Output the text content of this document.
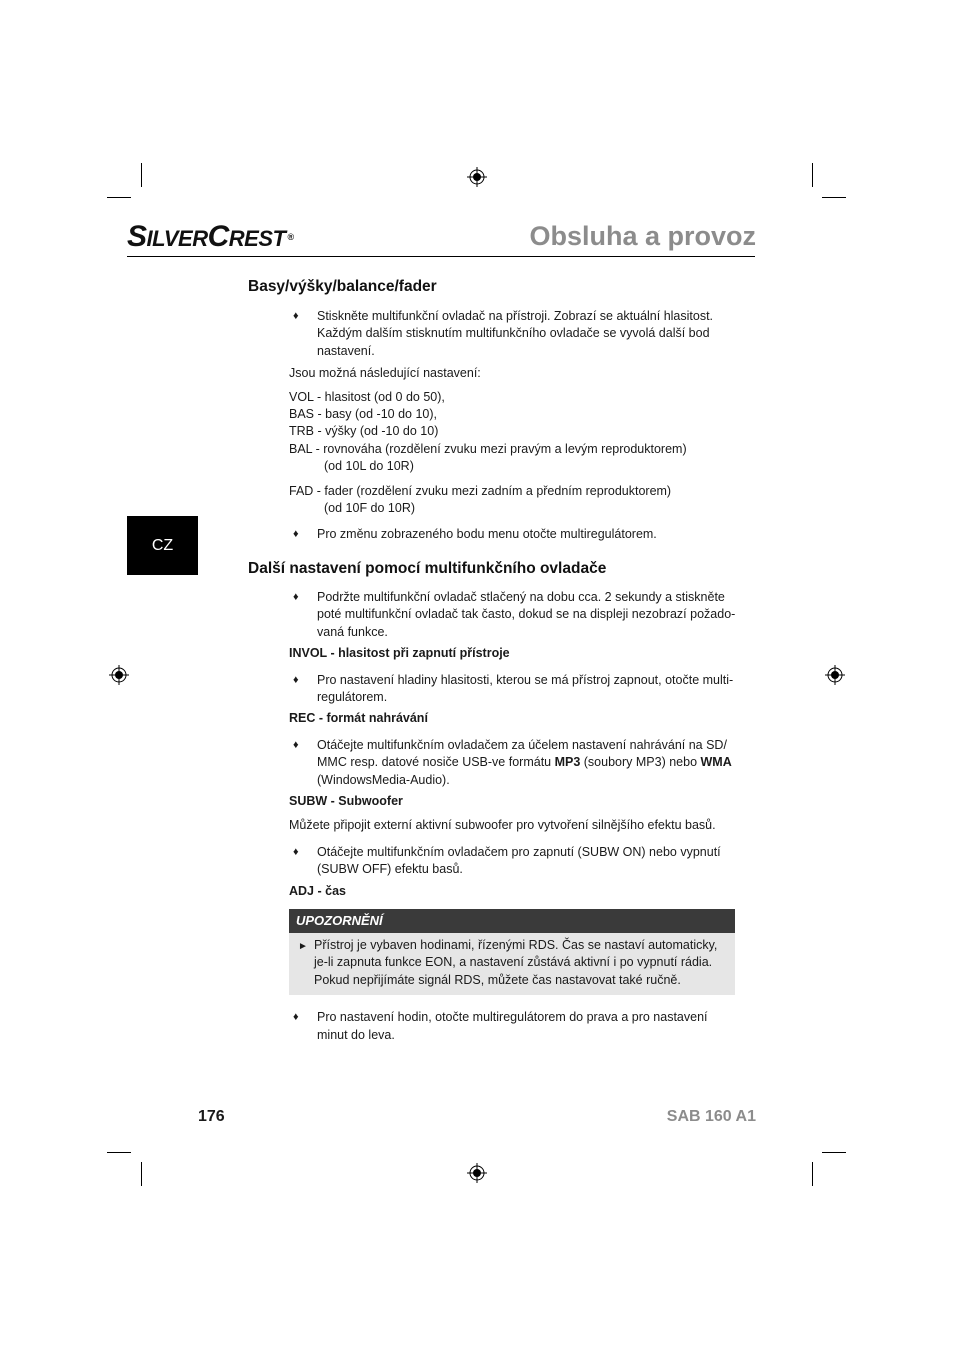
SILVERCREST ®	Obsluha a provoz
CZ
Basy/výšky/balance/fader

♦ Stiskněte multifunkční ovladač na přístroji. Zobrazí se aktuální hlasitost. Každým dalším stisknutím multifunkčního ovladače se vyvolá další bod nastavení.

Jsou možná následující nastavení:

VOL - hlasitost (od 0 do 50),
BAS - basy (od -10 do 10),
TRB - výšky (od -10 do 10)
BAL - rovnováha (rozdělení zvuku mezi pravým a levým reproduktorem)
(od 10L do 10R)

FAD - fader (rozdělení zvuku mezi zadním a předním reproduktorem)
(od 10F do 10R)

♦ Pro změnu zobrazeného bodu menu otočte multiregulátorem.

Další nastavení pomocí multifunkčního ovladače

♦ Podržte multifunkční ovladač stlačený na dobu cca. 2 sekundy a stiskněte poté multifunkční ovladač tak často, dokud se na displeji nezobrazí požado-vaná funkce.

INVOL - hlasitost při zapnutí přístroje

♦ Pro nastavení hladiny hlasitosti, kterou se má přístroj zapnout, otočte multi-regulátorem.

REC - formát nahrávání

♦ Otáčejte multifunkčním ovladačem za účelem nastavení nahrávání na SD/ MMC resp. datové nosiče USB-ve formátu MP3 (soubory MP3) nebo WMA (WindowsMedia-Audio).

SUBW - Subwoofer

Můžete připojit externí aktivní subwoofer pro vytvoření silnějšího efektu basů.

♦ Otáčejte multifunkčním ovladačem pro zapnutí (SUBW ON) nebo vypnutí (SUBW OFF) efektu basů.

ADJ - čas

UPOZORNĚNÍ
► Přístroj je vybaven hodinami, řízenými RDS. Čas se nastaví automaticky, je-li zapnuta funkce EON, a nastavení zůstává aktivní i po vypnutí rádia. Pokud nepřijímáte signál RDS, můžete čas nastavovat také ručně.

♦ Pro nastavení hodin, otočte multiregulátorem do prava a pro nastavení minut do leva.

176	SAB 160 A1
